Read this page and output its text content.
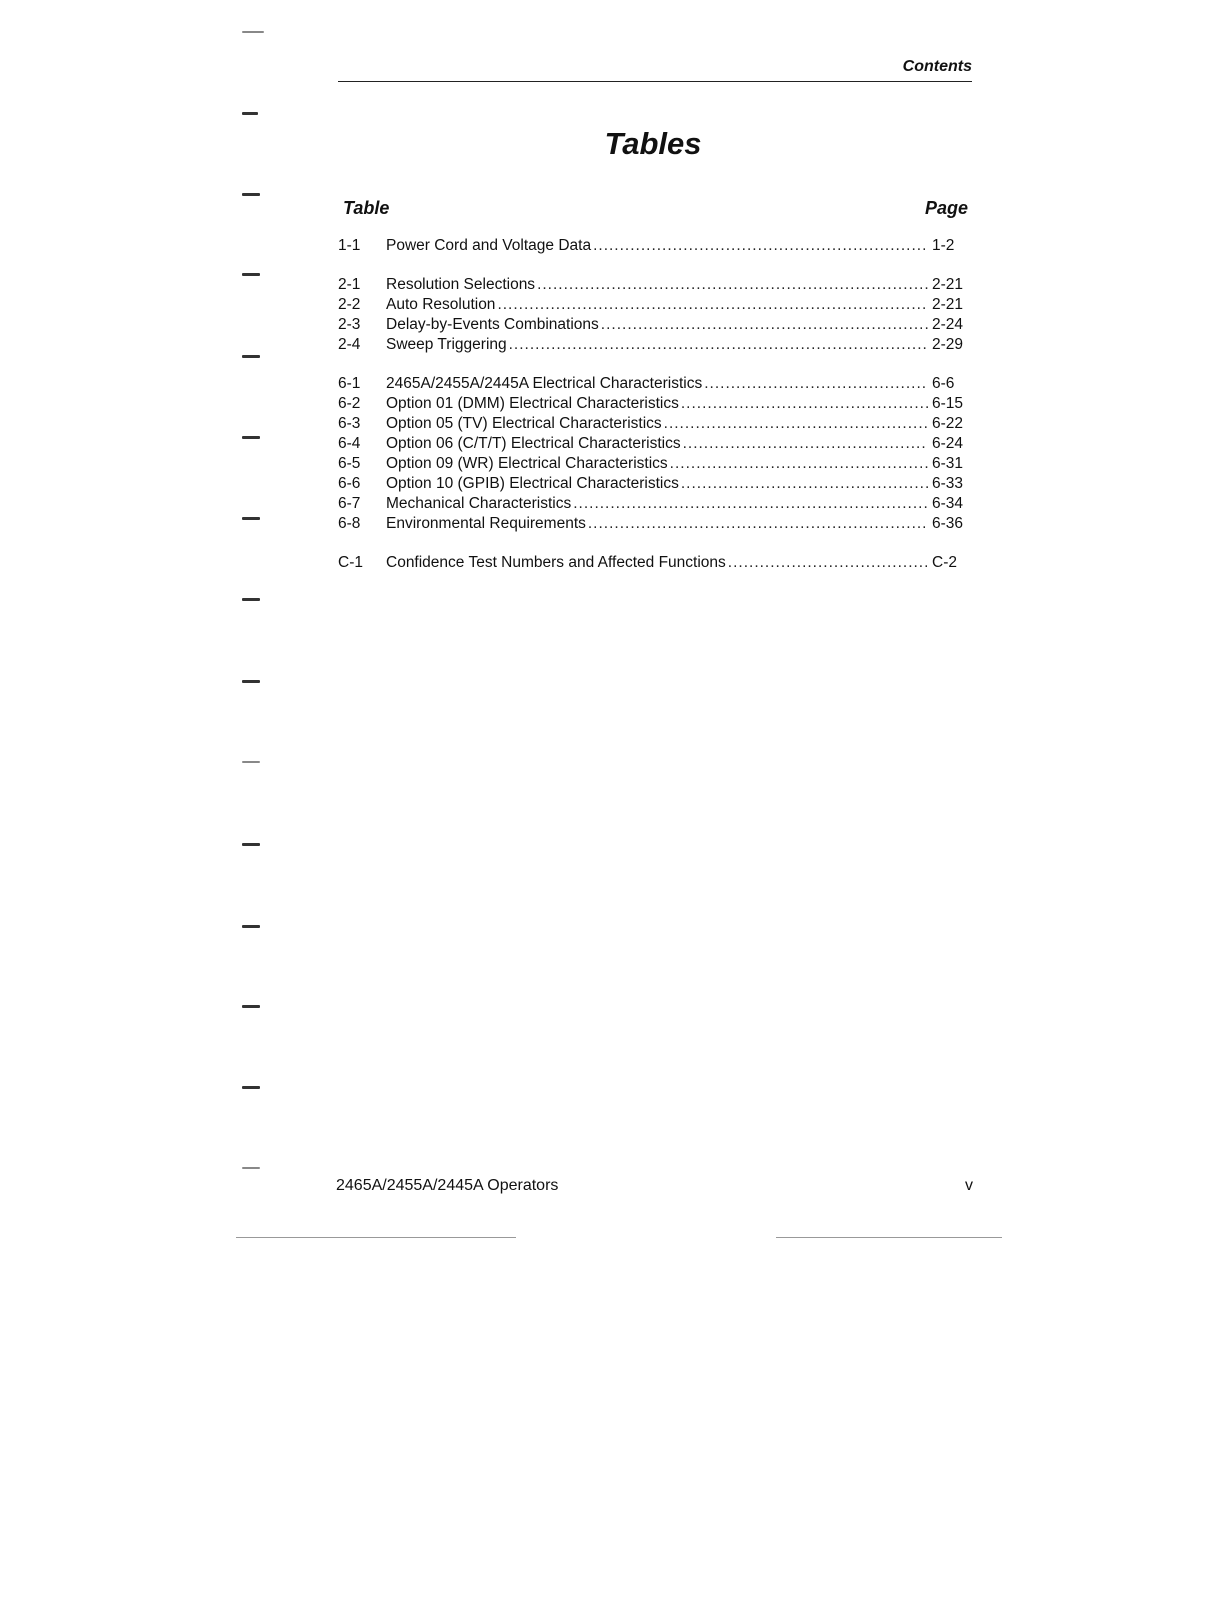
Contents

Tables

Table	Page

1-1	Power Cord and Voltage Data .....	1-2
2-1	Resolution Selections .....	2-21
2-2	Auto Resolution .....	2-21
2-3	Delay-by-Events Combinations .....	2-24
2-4	Sweep Triggering .....	2-29
6-1	2465A/2455A/2445A Electrical Characteristics .....	6-6
6-2	Option 01 (DMM) Electrical Characteristics .....	6-15
6-3	Option 05 (TV) Electrical Characteristics .....	6-22
6-4	Option 06 (C/T/T) Electrical Characteristics .....	6-24
6-5	Option 09 (WR) Electrical Characteristics .....	6-31
6-6	Option 10 (GPIB) Electrical Characteristics .....	6-33
6-7	Mechanical Characteristics .....	6-34
6-8	Environmental Requirements .....	6-36
C-1	Confidence Test Numbers and Affected Functions .....	C-2

2465A/2455A/2445A Operators	v
